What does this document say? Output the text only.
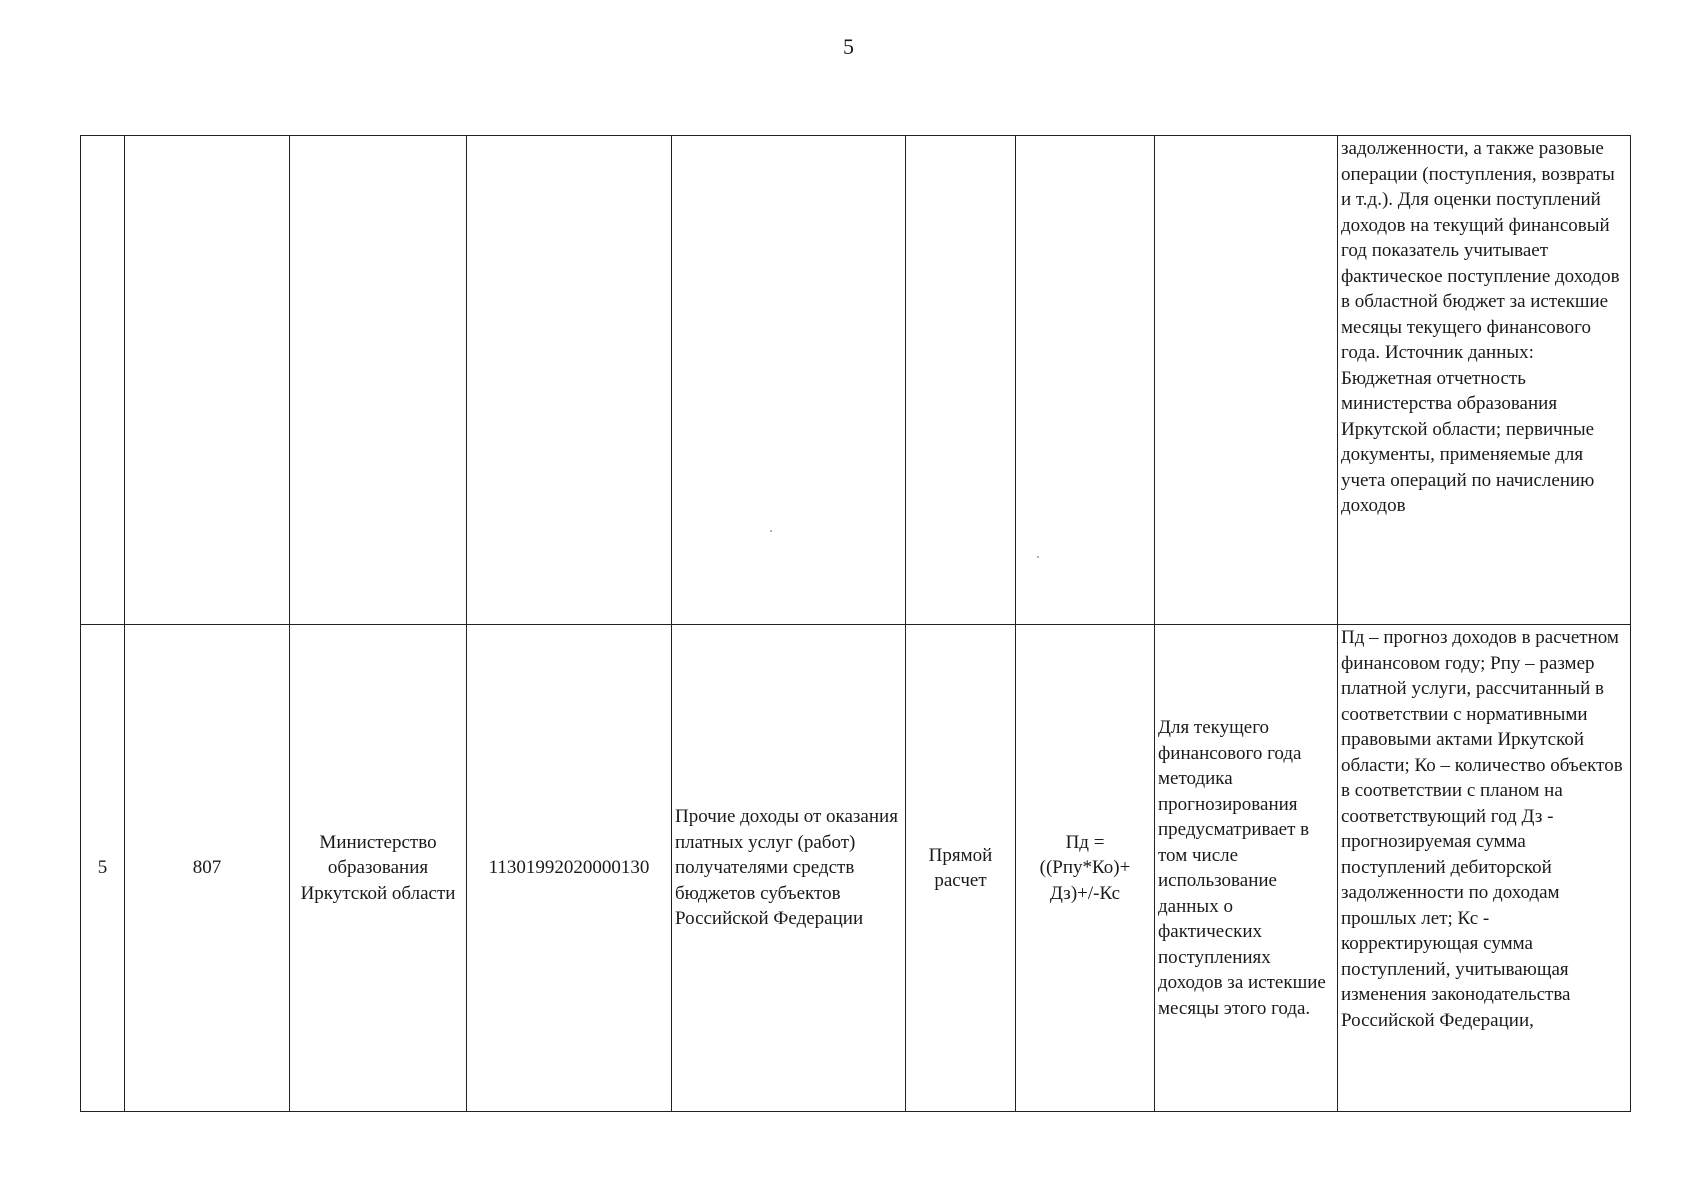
5
								задолженности, а также разовые операции (поступления, возвраты и т.д.). Для оценки поступлений доходов на текущий финансовый год показатель учитывает фактическое поступление доходов в областной бюджет за истекшие месяцы текущего финансового года. Источник данных: Бюджетная отчетность министерства образования Иркутской области; первичные документы, применяемые для учета операций по начислению доходов
5	807	Министерство образования Иркутской области	11301992020000130	Прочие доходы от оказания платных услуг (работ) получателями средств бюджетов субъектов Российской Федерации	Прямой расчет	Пд = ((Рпу*Ко)+ Дз)+/-Кс	Для текущего финансового года методика прогнозирования предусматривает в том числе использование данных о фактических поступлениях доходов за истекшие месяцы этого года.	Пд – прогноз доходов в расчетном финансовом году; Рпу – размер платной услуги, рассчитанный в соответствии с нормативными правовыми актами Иркутской области; Ко – количество объектов в соответствии с планом на соответствующий год Дз - прогнозируемая сумма поступлений дебиторской задолженности по доходам прошлых лет; Кс - корректирующая сумма поступлений, учитывающая изменения законодательства Российской Федерации,
